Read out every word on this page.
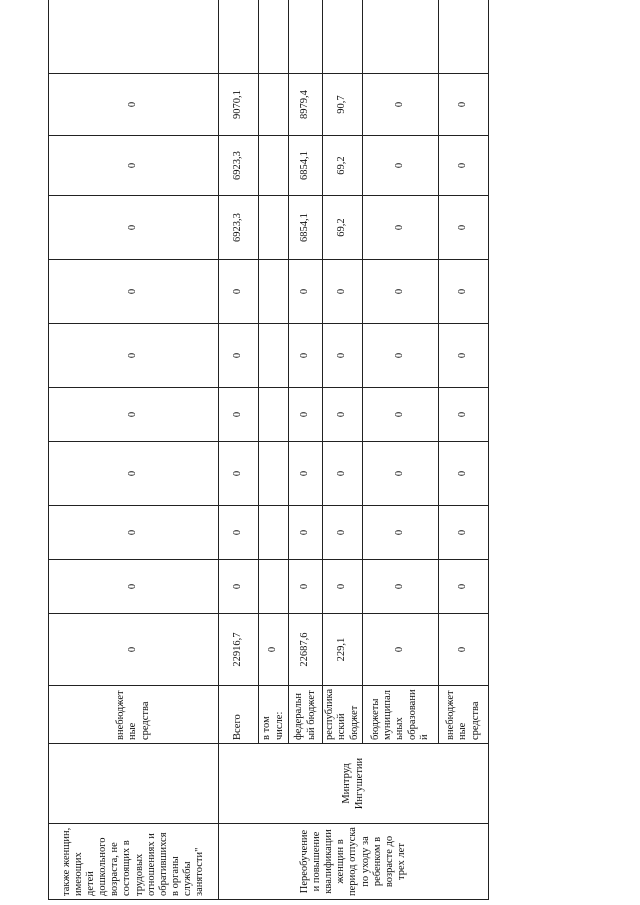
также женщин, имеющих детей дошкольного возраста, не состоящих в трудовых отношениях и обратившихся в органы службы занятости"		внебюджет ные средства	0	0	0	0	0	0	0	0	0	0	
Переобучение и повышение квалификации женщин в период отпуска по уходу за ребенком в возрасте до трех лет	Минтруд Ингушетии	Всего	22916,7	0	0	0	0	0	0	6923,3	6923,3	9070,1	
		в том числе:	0										
		федеральн ый бюджет	22687,6	0	0	0	0	0	0	6854,1	6854,1	8979,4	
		республика нский бюджет	229,1	0	0	0	0	0	0	69,2	69,2	90,7	
		бюджеты муниципал ьных образовани й	0	0	0	0	0	0	0	0	0	0	
		внебюджет ные средства	0	0	0	0	0	0	0	0	0	0	
